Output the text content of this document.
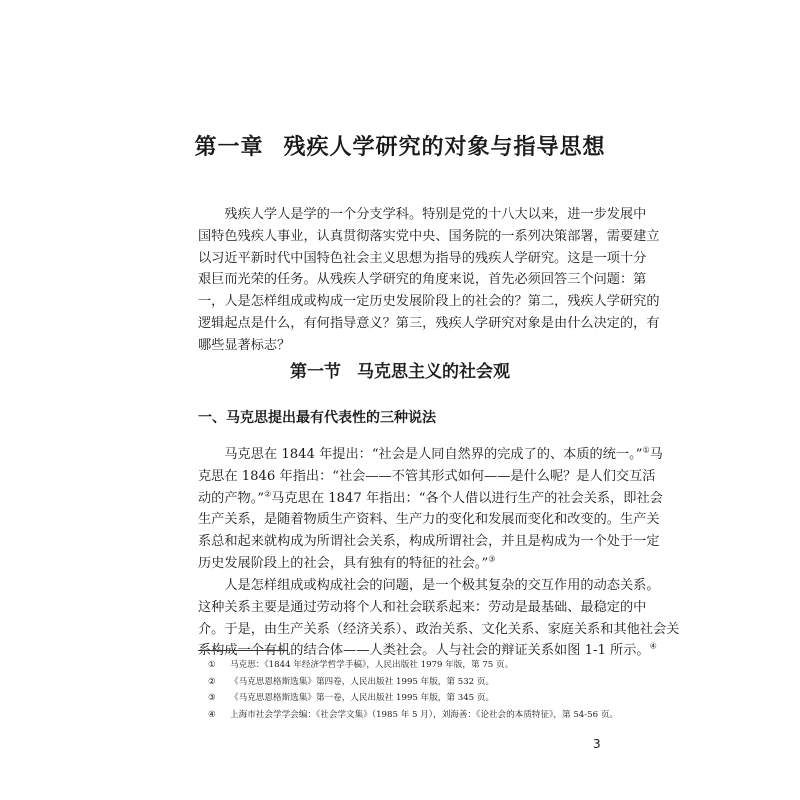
第一章 残疾人学研究的对象与指导思想

　　残疾人学人是学的一个分支学科。特别是党的十八大以来，进一步发展中
国特色残疾人事业，认真贯彻落实党中央、国务院的一系列决策部署，需要建立
以习近平新时代中国特色社会主义思想为指导的残疾人学研究。这是一项十分
艰巨而光荣的任务。从残疾人学研究的角度来说，首先必须回答三个问题：第
一，人是怎样组成或构成一定历史发展阶段上的社会的？第二，残疾人学研究的
逻辑起点是什么，有何指导意义？第三，残疾人学研究对象是由什么决定的，有
哪些显著标志？

第一节 马克思主义的社会观
一、马克思提出最有代表性的三种说法

　　马克思在 1844 年提出：“社会是人同自然界的完成了的、本质的统一。”①马
克思在 1846 年指出：“社会——不管其形式如何——是什么呢？是人们交互活
动的产物。”②马克思在 1847 年指出：“各个人借以进行生产的社会关系，即社会
生产关系，是随着物质生产资料、生产力的变化和发展而变化和改变的。生产关
系总和起来就构成为所谓社会关系，构成所谓社会，并且是构成为一个处于一定
历史发展阶段上的社会，具有独有的特征的社会。”③

　　人是怎样组成或构成社会的问题，是一个极其复杂的交互作用的动态关系。
这种关系主要是通过劳动将个人和社会联系起来：劳动是最基础、最稳定的中
介。于是，由生产关系（经济关系）、政治关系、文化关系、家庭关系和其他社会关
系构成一个有机的结合体——人类社会。人与社会的辩证关系如图 1-1 所示。④

① 马克思：《1844 年经济学哲学手稿》，人民出版社 1979 年版，第 75 页。
② 《马克思恩格斯选集》第四卷，人民出版社 1995 年版，第 532 页。
③ 《马克思恩格斯选集》第一卷，人民出版社 1995 年版，第 345 页。
④ 上海市社会学学会编：《社会学文集》（1985 年 5 月），刘海善：《论社会的本质特征》，第 54-56 页。
3
